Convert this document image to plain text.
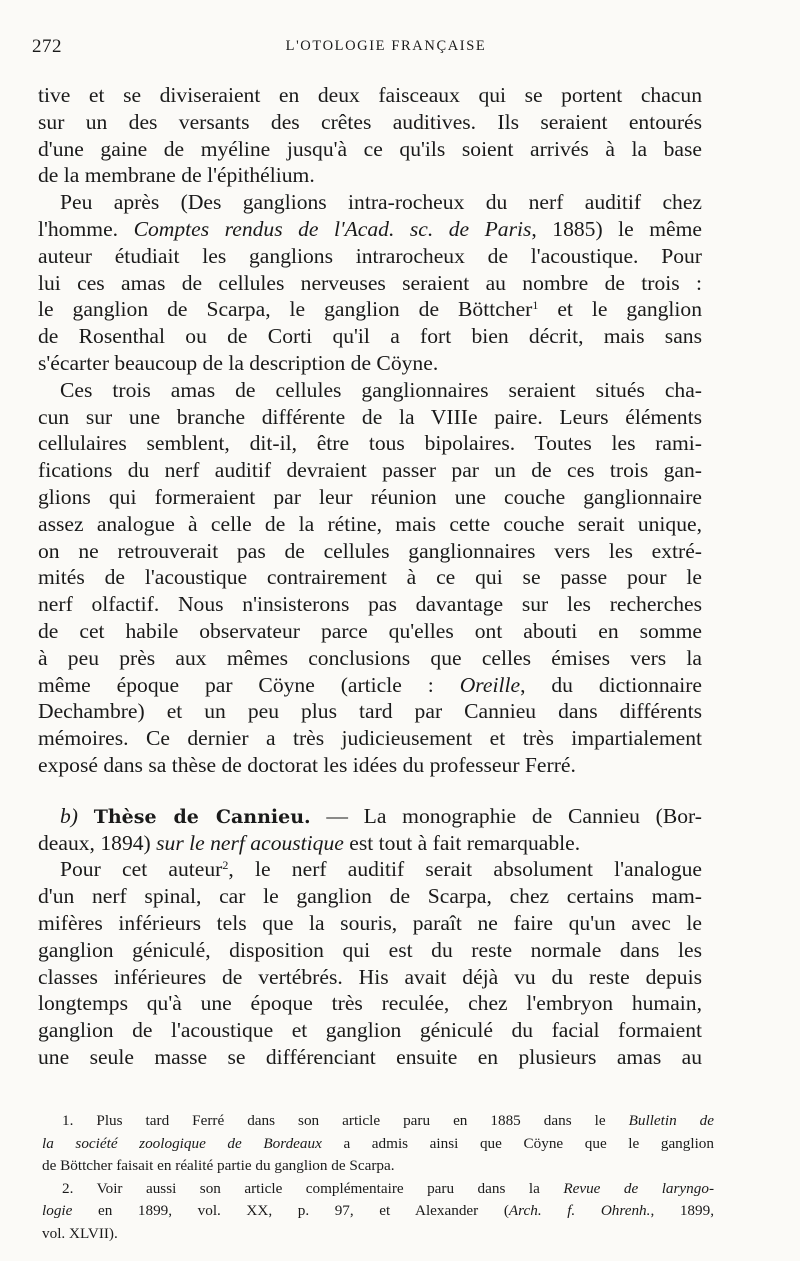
272	L'OTOLOGIE FRANÇAISE
tive et se diviseraient en deux faisceaux qui se portent chacun
sur un des versants des crêtes auditives. Ils seraient entourés
d'une gaine de myéline jusqu'à ce qu'ils soient arrivés à la base
de la membrane de l'épithélium.
Peu après (Des ganglions intra-rocheux du nerf auditif chez
l'homme. Comptes rendus de l'Acad. sc. de Paris, 1885) le même
auteur étudiait les ganglions intrarocheux de l'acoustique. Pour
lui ces amas de cellules nerveuses seraient au nombre de trois :
le ganglion de Scarpa, le ganglion de Böttcher$^1$ et le ganglion
de Rosenthal ou de Corti qu'il a fort bien décrit, mais sans
s'écarter beaucoup de la description de Cöyne.
Ces trois amas de cellules ganglionnaires seraient situés cha-
cun sur une branche différente de la VIIIe paire. Leurs éléments
cellulaires semblent, dit-il, être tous bipolaires. Toutes les rami-
fications du nerf auditif devraient passer par un de ces trois gan-
glions qui formeraient par leur réunion une couche ganglionnaire
assez analogue à celle de la rétine, mais cette couche serait unique,
on ne retrouverait pas de cellules ganglionnaires vers les extré-
mités de l'acoustique contrairement à ce qui se passe pour le
nerf olfactif. Nous n'insisterons pas davantage sur les recherches
de cet habile observateur parce qu'elles ont abouti en somme
à peu près aux mêmes conclusions que celles émises vers la
même époque par Cöyne (article : Oreille, du dictionnaire
Dechambre) et un peu plus tard par Cannieu dans différents
mémoires. Ce dernier a très judicieusement et très impartialement
exposé dans sa thèse de doctorat les idées du professeur Ferré.
b) Thèse de Cannieu. — La monographie de Cannieu (Bor-
deaux, 1894) sur le nerf acoustique est tout à fait remarquable.
Pour cet auteur$^2$, le nerf auditif serait absolument l'analogue
d'un nerf spinal, car le ganglion de Scarpa, chez certains mam-
mifères inférieurs tels que la souris, paraît ne faire qu'un avec le
ganglion géniculé, disposition qui est du reste normale dans les
classes inférieures de vertébrés. His avait déjà vu du reste depuis
longtemps qu'à une époque très reculée, chez l'embryon humain,
ganglion de l'acoustique et ganglion géniculé du facial formaient
une seule masse se différenciant ensuite en plusieurs amas au
1. Plus tard Ferré dans son article paru en 1885 dans le Bulletin de
la société zoologique de Bordeaux a admis ainsi que Cöyne que le ganglion
de Böttcher faisait en réalité partie du ganglion de Scarpa.
2. Voir aussi son article complémentaire paru dans la Revue de laryngo-
logie en 1899, vol. XX, p. 97, et Alexander (Arch. f. Ohrenh., 1899,
vol. XLVII).
